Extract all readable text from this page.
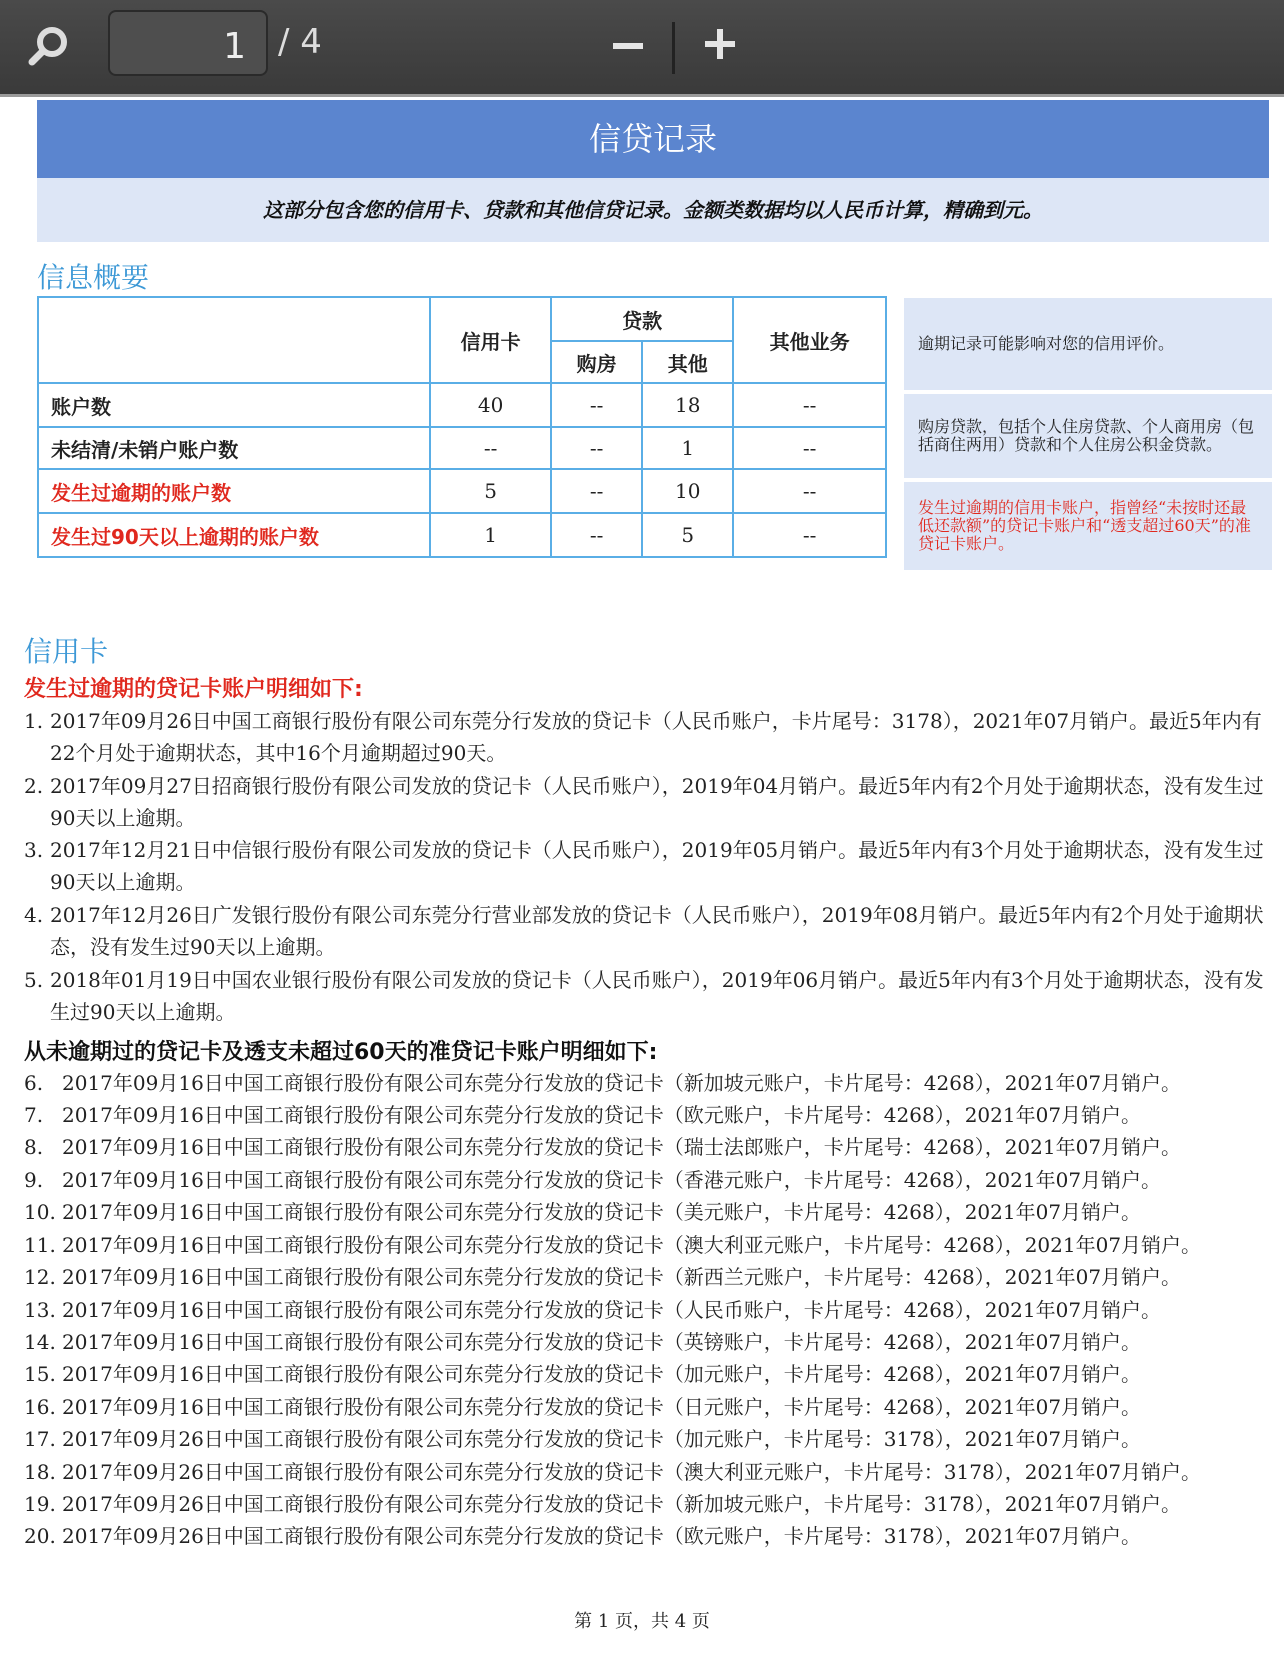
1 / 4
信贷记录
这部分包含您的信用卡、贷款和其他信贷记录。金额类数据均以人民币计算，精确到元。
信息概要
	信用卡	贷款		其他业务
		购房	其他	
账户数	40	--	18	--
未结清/未销户账户数	--	--	1	--
发生过逾期的账户数	5	--	10	--
发生过90天以上逾期的账户数	1	--	5	--
逾期记录可能影响对您的信用评价。
购房贷款，包括个人住房贷款、个人商用房（包括商住两用）贷款和个人住房公积金贷款。
发生过逾期的信用卡账户，指曾经“未按时还最低还款额”的贷记卡账户和“透支超过60天”的准贷记卡账户。
信用卡
发生过逾期的贷记卡账户明细如下:
1. 2017年09月26日中国工商银行股份有限公司东莞分行发放的贷记卡（人民币账户，卡片尾号：3178），2021年07月销户。最近5年内有22个月处于逾期状态，其中16个月逾期超过90天。
2. 2017年09月27日招商银行股份有限公司发放的贷记卡（人民币账户），2019年04月销户。最近5年内有2个月处于逾期状态，没有发生过90天以上逾期。
3. 2017年12月21日中信银行股份有限公司发放的贷记卡（人民币账户），2019年05月销户。最近5年内有3个月处于逾期状态，没有发生过90天以上逾期。
4. 2017年12月26日广发银行股份有限公司东莞分行营业部发放的贷记卡（人民币账户），2019年08月销户。最近5年内有2个月处于逾期状态，没有发生过90天以上逾期。
5. 2018年01月19日中国农业银行股份有限公司发放的贷记卡（人民币账户），2019年06月销户。最近5年内有3个月处于逾期状态，没有发生过90天以上逾期。
从未逾期过的贷记卡及透支未超过60天的准贷记卡账户明细如下:
6. 2017年09月16日中国工商银行股份有限公司东莞分行发放的贷记卡（新加坡元账户，卡片尾号：4268），2021年07月销户。
7. 2017年09月16日中国工商银行股份有限公司东莞分行发放的贷记卡（欧元账户，卡片尾号：4268），2021年07月销户。
8. 2017年09月16日中国工商银行股份有限公司东莞分行发放的贷记卡（瑞士法郎账户，卡片尾号：4268），2021年07月销户。
9. 2017年09月16日中国工商银行股份有限公司东莞分行发放的贷记卡（香港元账户，卡片尾号：4268），2021年07月销户。
10. 2017年09月16日中国工商银行股份有限公司东莞分行发放的贷记卡（美元账户，卡片尾号：4268），2021年07月销户。
11. 2017年09月16日中国工商银行股份有限公司东莞分行发放的贷记卡（澳大利亚元账户，卡片尾号：4268），2021年07月销户。
12. 2017年09月16日中国工商银行股份有限公司东莞分行发放的贷记卡（新西兰元账户，卡片尾号：4268），2021年07月销户。
13. 2017年09月16日中国工商银行股份有限公司东莞分行发放的贷记卡（人民币账户，卡片尾号：4268），2021年07月销户。
14. 2017年09月16日中国工商银行股份有限公司东莞分行发放的贷记卡（英镑账户，卡片尾号：4268），2021年07月销户。
15. 2017年09月16日中国工商银行股份有限公司东莞分行发放的贷记卡（加元账户，卡片尾号：4268），2021年07月销户。
16. 2017年09月16日中国工商银行股份有限公司东莞分行发放的贷记卡（日元账户，卡片尾号：4268），2021年07月销户。
17. 2017年09月26日中国工商银行股份有限公司东莞分行发放的贷记卡（加元账户，卡片尾号：3178），2021年07月销户。
18. 2017年09月26日中国工商银行股份有限公司东莞分行发放的贷记卡（澳大利亚元账户，卡片尾号：3178），2021年07月销户。
19. 2017年09月26日中国工商银行股份有限公司东莞分行发放的贷记卡（新加坡元账户，卡片尾号：3178），2021年07月销户。
20. 2017年09月26日中国工商银行股份有限公司东莞分行发放的贷记卡（欧元账户，卡片尾号：3178），2021年07月销户。
第 1 页，共 4 页
